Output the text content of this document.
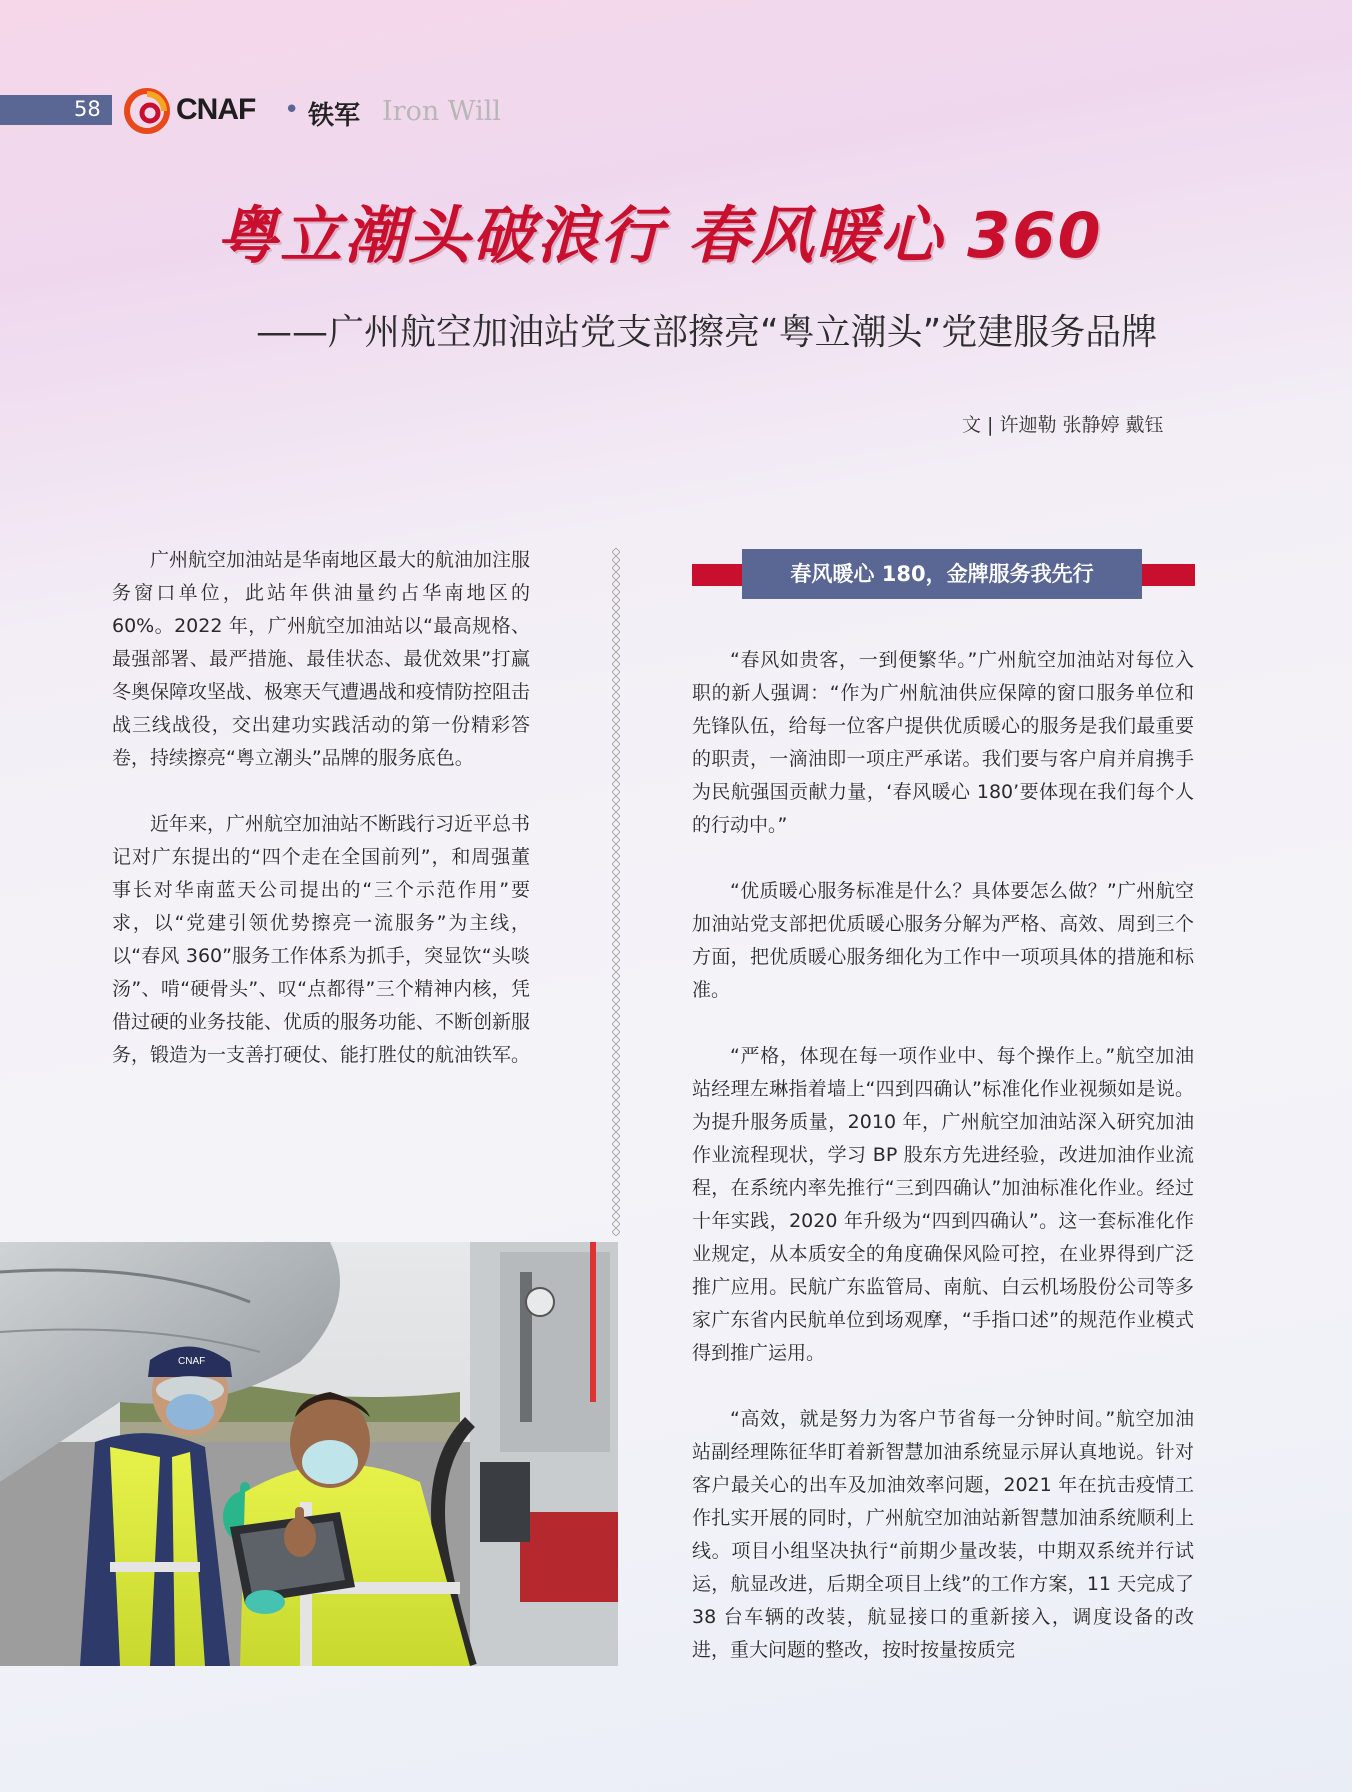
58	CNAF • 铁军 Iron Will
粤立潮头破浪行 春风暖心 360
——广州航空加油站党支部擦亮“粤立潮头”党建服务品牌
文 | 许迦勒 张静婷 戴钰

广州航空加油站是华南地区最大的航油加注服务窗口单位，此站年供油量约占华南地区的 60%。2022 年，广州航空加油站以“最高规格、最强部署、最严措施、最佳状态、最优效果”打赢冬奥保障攻坚战、极寒天气遭遇战和疫情防控阻击战三线战役，交出建功实践活动的第一份精彩答卷，持续擦亮“粤立潮头”品牌的服务底色。

近年来，广州航空加油站不断践行习近平总书记对广东提出的“四个走在全国前列”，和周强董事长对华南蓝天公司提出的“三个示范作用”要求，以“党建引领优势擦亮一流服务”为主线，以“春风 360”服务工作体系为抓手，突显饮“头啖汤”、啃“硬骨头”、叹“点都得”三个精神内核，凭借过硬的业务技能、优质的服务功能、不断创新服务，锻造为一支善打硬仗、能打胜仗的航油铁军。

春风暖心 180，金牌服务我先行

“春风如贵客，一到便繁华。”广州航空加油站对每位入职的新人强调：“作为广州航油供应保障的窗口服务单位和先锋队伍，给每一位客户提供优质暖心的服务是我们最重要的职责，一滴油即一项庄严承诺。我们要与客户肩并肩携手为民航强国贡献力量，‘春风暖心 180’要体现在我们每个人的行动中。”

“优质暖心服务标准是什么？具体要怎么做？”广州航空加油站党支部把优质暖心服务分解为严格、高效、周到三个方面，把优质暖心服务细化为工作中一项项具体的措施和标准。

“严格，体现在每一项作业中、每个操作上。”航空加油站经理左琳指着墙上“四到四确认”标准化作业视频如是说。为提升服务质量，2010 年，广州航空加油站深入研究加油作业流程现状，学习 BP 股东方先进经验，改进加油作业流程，在系统内率先推行“三到四确认”加油标准化作业。经过十年实践，2020 年升级为“四到四确认”。这一套标准化作业规定，从本质安全的角度确保风险可控，在业界得到广泛推广应用。民航广东监管局、南航、白云机场股份公司等多家广东省内民航单位到场观摩，“手指口述”的规范作业模式得到推广运用。

“高效，就是努力为客户节省每一分钟时间。”航空加油站副经理陈征华盯着新智慧加油系统显示屏认真地说。针对客户最关心的出车及加油效率问题，2021 年在抗击疫情工作扎实开展的同时，广州航空加油站新智慧加油系统顺利上线。项目小组坚决执行“前期少量改装，中期双系统并行试运，航显改进，后期全项目上线”的工作方案，11 天完成了 38 台车辆的改装，航显接口的重新接入，调度设备的改进，重大问题的整改，按时按量按质完

CNAF
